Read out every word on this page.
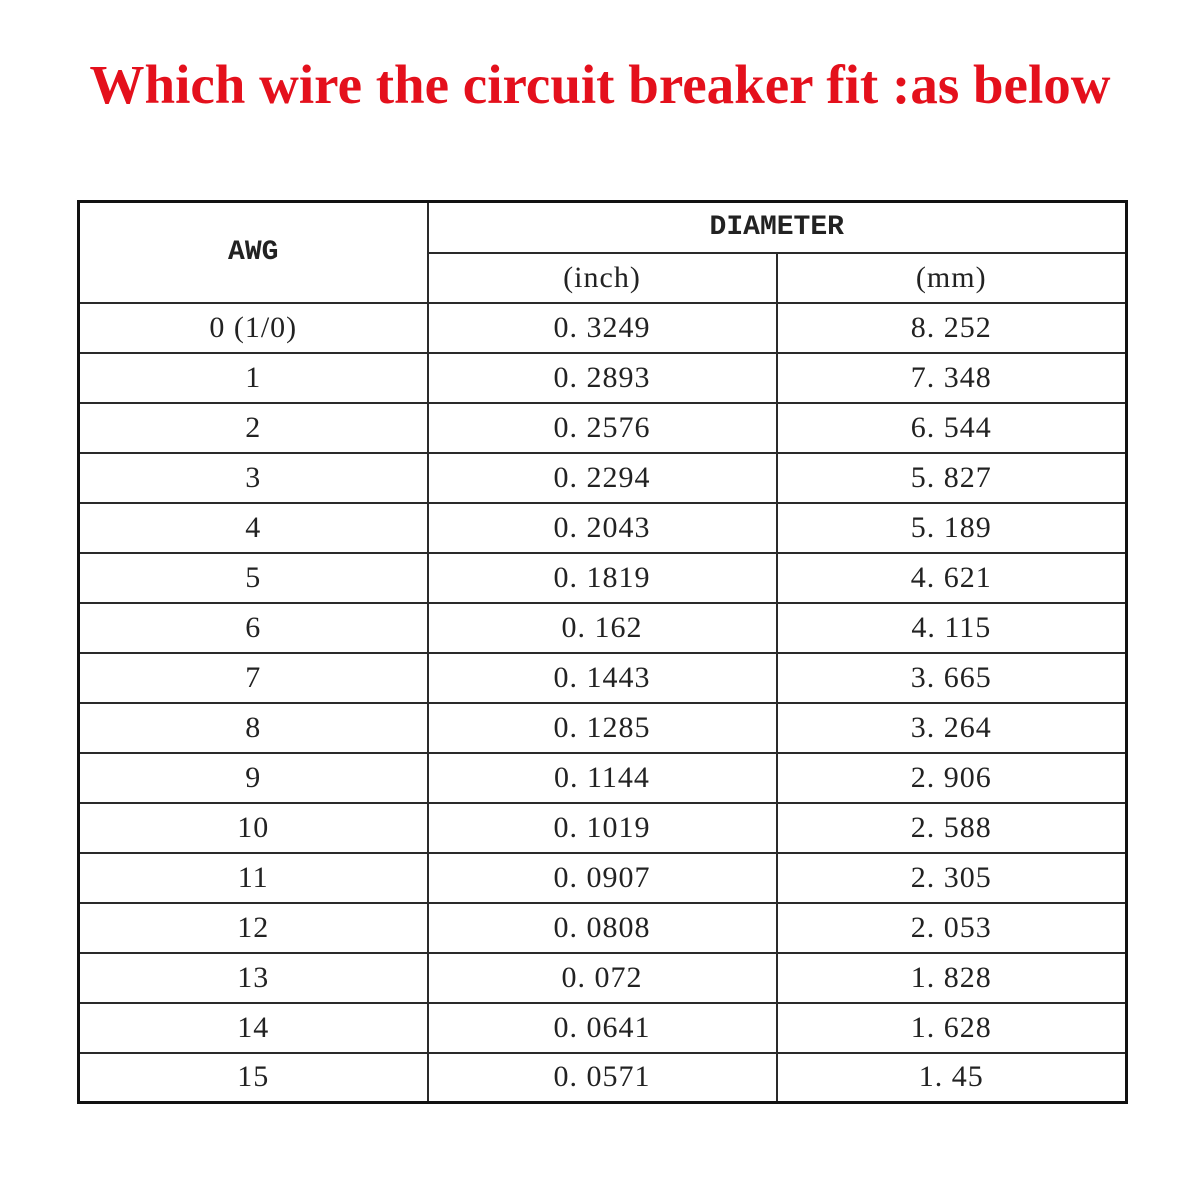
Which wire the circuit breaker fit :as below
AWG	DIAMETER	
	(inch)	(mm)
0 (1/0)	0. 3249	8. 252
1	0. 2893	7. 348
2	0. 2576	6. 544
3	0. 2294	5. 827
4	0. 2043	5. 189
5	0. 1819	4. 621
6	0. 162	4. 115
7	0. 1443	3. 665
8	0. 1285	3. 264
9	0. 1144	2. 906
10	0. 1019	2. 588
11	0. 0907	2. 305
12	0. 0808	2. 053
13	0. 072	1. 828
14	0. 0641	1. 628
15	0. 0571	1. 45
